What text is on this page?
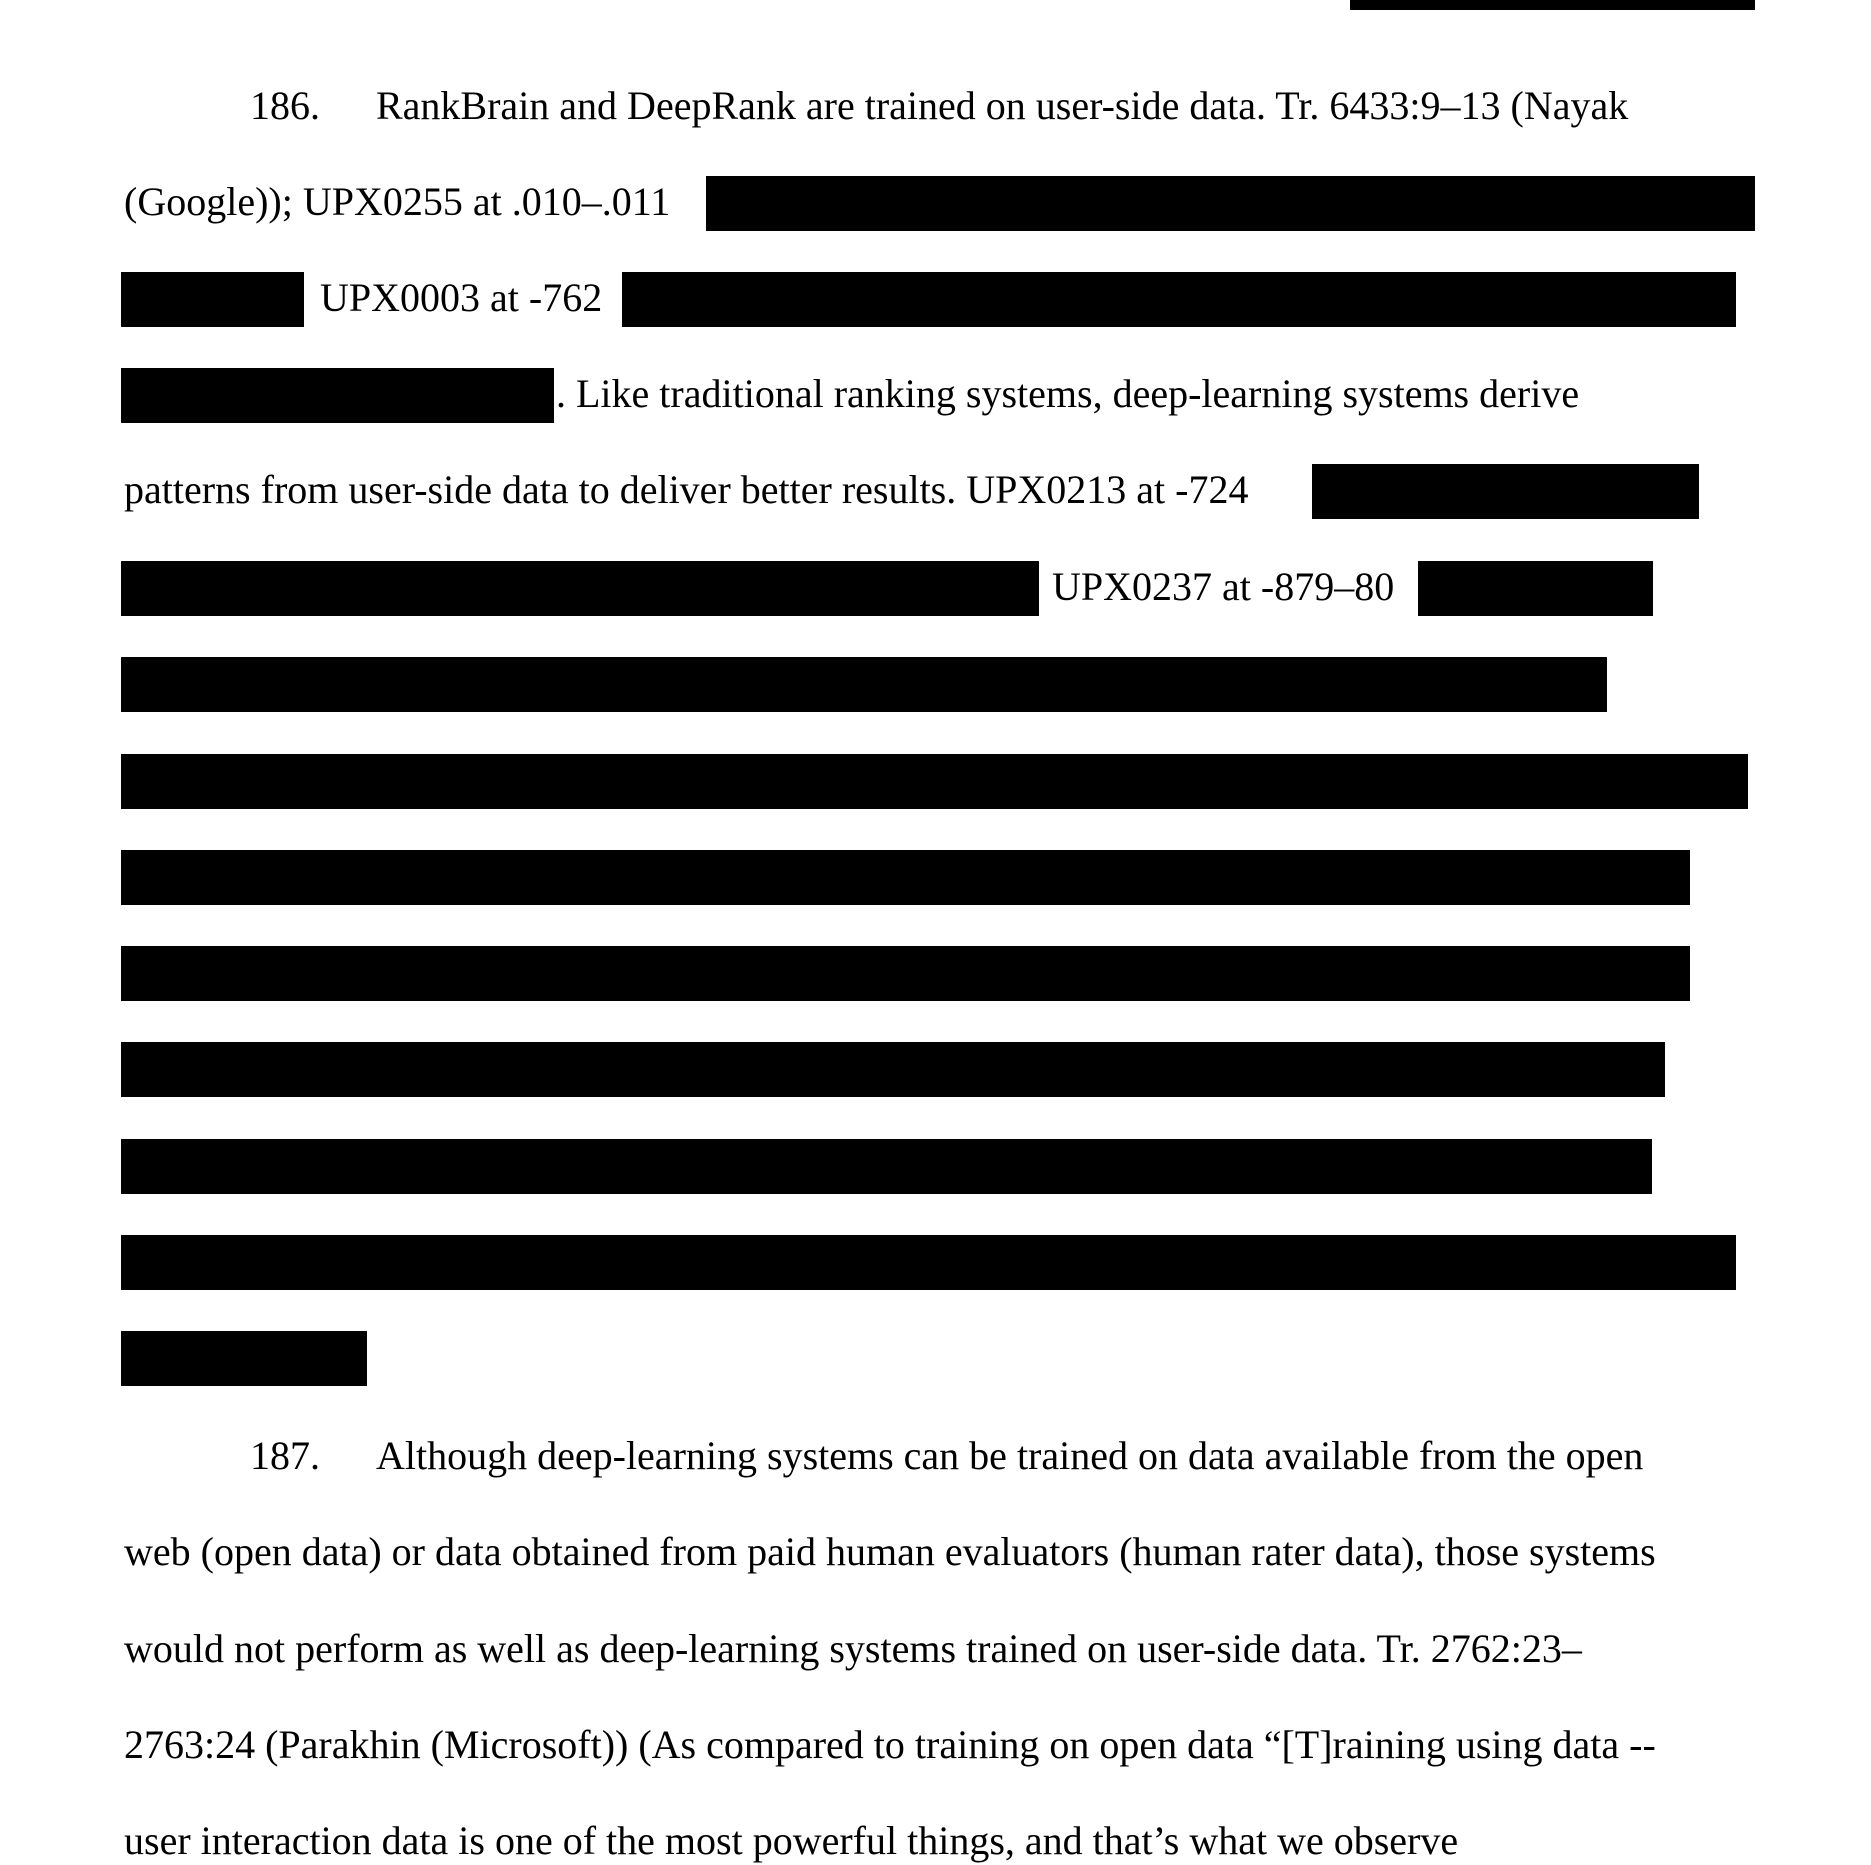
186. RankBrain and DeepRank are trained on user-side data. Tr. 6433:9–13 (Nayak
(Google)); UPX0255 at .010–.011
UPX0003 at -762
. Like traditional ranking systems, deep-learning systems derive
patterns from user-side data to deliver better results. UPX0213 at -724
UPX0237 at -879–80
187. Although deep-learning systems can be trained on data available from the open
web (open data) or data obtained from paid human evaluators (human rater data), those systems
would not perform as well as deep-learning systems trained on user-side data. Tr. 2762:23–
2763:24 (Parakhin (Microsoft)) (As compared to training on open data “[T]raining using data --
user interaction data is one of the most powerful things, and that’s what we observe
